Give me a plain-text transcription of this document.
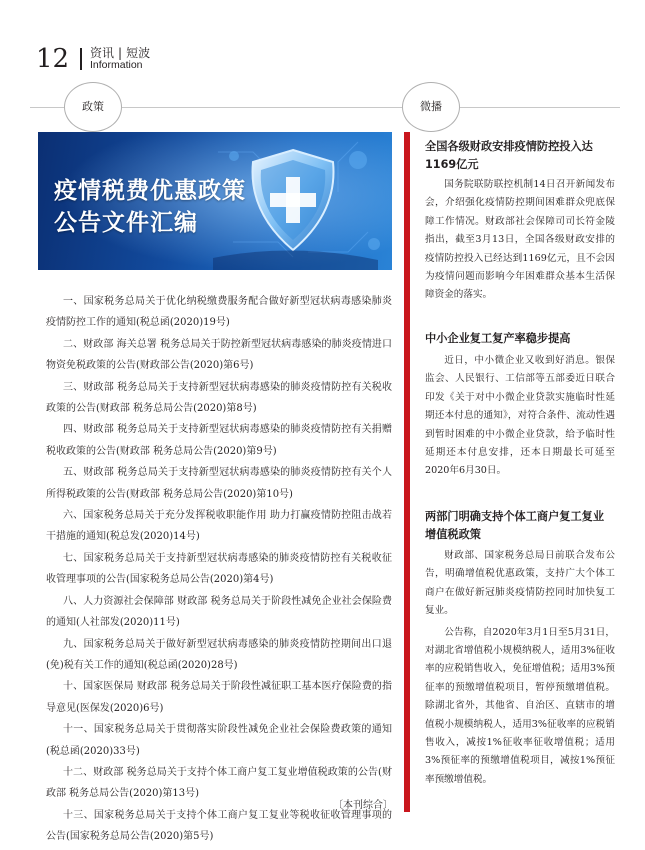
12 资讯 | 短波
Information
政策	微播
疫情税费优惠政策
公告文件汇编
一、国家税务总局关于优化纳税缴费服务配合做好新型冠状病毒感染肺炎疫情防控工作的通知(税总函(2020)19号)
二、财政部 海关总署 税务总局关于防控新型冠状病毒感染的肺炎疫情进口物资免税政策的公告(财政部公告(2020)第6号)
三、财政部 税务总局关于支持新型冠状病毒感染的肺炎疫情防控有关税收政策的公告(财政部 税务总局公告(2020)第8号)
四、财政部 税务总局关于支持新型冠状病毒感染的肺炎疫情防控有关捐赠税收政策的公告(财政部 税务总局公告(2020)第9号)
五、财政部 税务总局关于支持新型冠状病毒感染的肺炎疫情防控有关个人所得税政策的公告(财政部 税务总局公告(2020)第10号)
六、国家税务总局关于充分发挥税收职能作用 助力打赢疫情防控阻击战若干措施的通知(税总发(2020)14号)
七、国家税务总局关于支持新型冠状病毒感染的肺炎疫情防控有关税收征收管理事项的公告(国家税务总局公告(2020)第4号)
八、人力资源社会保障部 财政部 税务总局关于阶段性减免企业社会保险费的通知(人社部发(2020)11号)
九、国家税务总局关于做好新型冠状病毒感染的肺炎疫情防控期间出口退(免)税有关工作的通知(税总函(2020)28号)
十、国家医保局 财政部 税务总局关于阶段性减征职工基本医疗保险费的指导意见(医保发(2020)6号)
十一、国家税务总局关于贯彻落实阶段性减免企业社会保险费政策的通知(税总函(2020)33号)
十二、财政部 税务总局关于支持个体工商户复工复业增值税政策的公告(财政部 税务总局公告(2020)第13号)
十三、国家税务总局关于支持个体工商户复工复业等税收征收管理事项的公告(国家税务总局公告(2020)第5号)
〔本刊综合〕
全国各级财政安排疫情防控投入达1169亿元

国务院联防联控机制14日召开新闻发布会，介绍强化疫情防控期间困难群众兜底保障工作情况。财政部社会保障司司长符金陵指出，截至3月13日，全国各级财政安排的疫情防控投入已经达到1169亿元，且不会因为疫情问题而影响今年困难群众基本生活保障资金的落实。

中小企业复工复产率稳步提高

近日，中小微企业又收到好消息。银保监会、人民银行、工信部等五部委近日联合印发《关于对中小微企业贷款实施临时性延期还本付息的通知》，对符合条件、流动性遇到暂时困难的中小微企业贷款，给予临时性延期还本付息安排，还本日期最长可延至2020年6月30日。

两部门明确支持个体工商户复工复业增值税政策

财政部、国家税务总局日前联合发布公告，明确增值税优惠政策，支持广大个体工商户在做好新冠肺炎疫情防控同时加快复工复业。

公告称，自2020年3月1日至5月31日，对湖北省增值税小规模纳税人，适用3%征收率的应税销售收入，免征增值税；适用3%预征率的预缴增值税项目，暂停预缴增值税。除湖北省外，其他省、自治区、直辖市的增值税小规模纳税人，适用3%征收率的应税销售收入，减按1%征收率征收增值税；适用3%预征率的预缴增值税项目，减按1%预征率预缴增值税。
